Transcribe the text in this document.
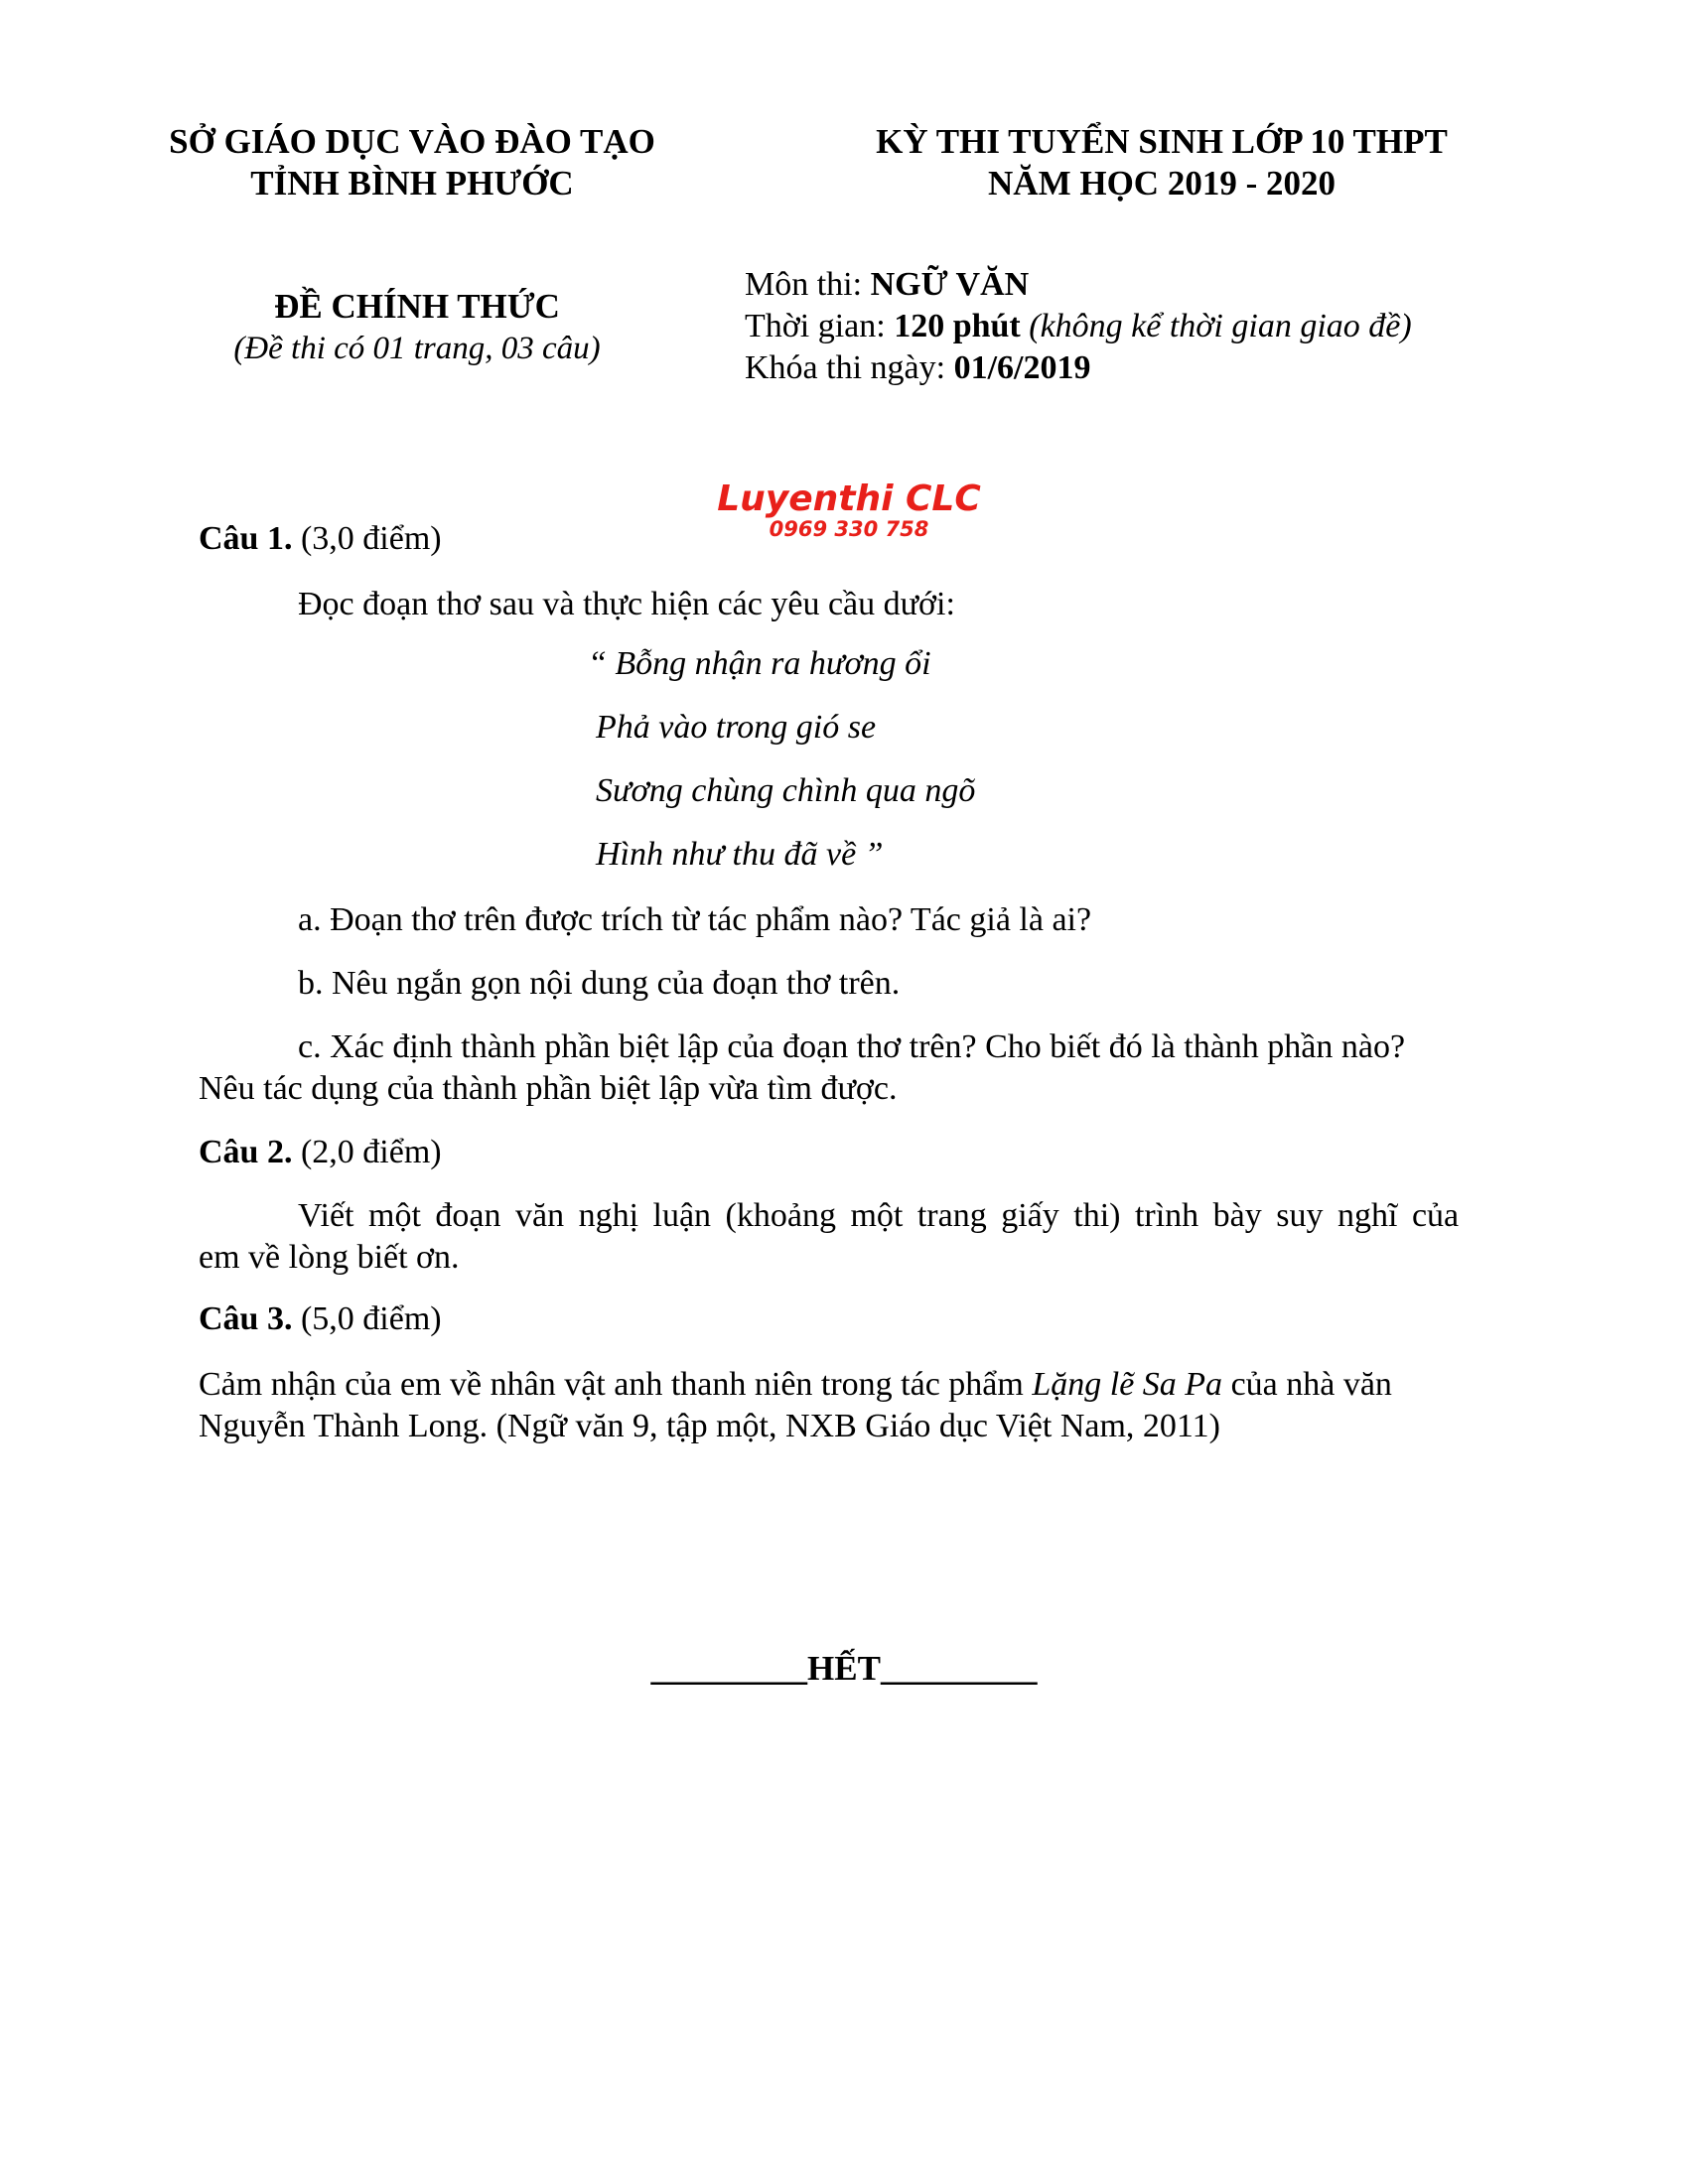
SỞ GIÁO DỤC VÀO ĐÀO TẠO
TỈNH BÌNH PHƯỚC
KỲ THI TUYỂN SINH LỚP 10 THPT
NĂM HỌC 2019 - 2020
ĐỀ CHÍNH THỨC
(Đề thi có 01 trang, 03 câu)
Môn thi: NGỮ VĂN
Thời gian: 120 phút (không kể thời gian giao đề)
Khóa thi ngày: 01/6/2019
Luyenthi CLC
0969 330 758
Câu 1. (3,0 điểm)
Đọc đoạn thơ sau và thực hiện các yêu cầu dưới:
“ Bỗng nhận ra hương ổi
Phả vào trong gió se
Sương chùng chình qua ngõ
Hình như thu đã về ”
a. Đoạn thơ trên được trích từ tác phẩm nào? Tác giả là ai?
b. Nêu ngắn gọn nội dung của đoạn thơ trên.
c. Xác định thành phần biệt lập của đoạn thơ trên? Cho biết đó là thành phần nào?
Nêu tác dụng của thành phần biệt lập vừa tìm được.
Câu 2. (2,0 điểm)
Viết một đoạn văn nghị luận (khoảng một trang giấy thi) trình bày suy nghĩ của
em về lòng biết ơn.
Câu 3. (5,0 điểm)
Cảm nhận của em về nhân vật anh thanh niên trong tác phẩm Lặng lẽ Sa Pa của nhà văn
Nguyễn Thành Long. (Ngữ văn 9, tập một, NXB Giáo dục Việt Nam, 2011)
_________HẾT_________
